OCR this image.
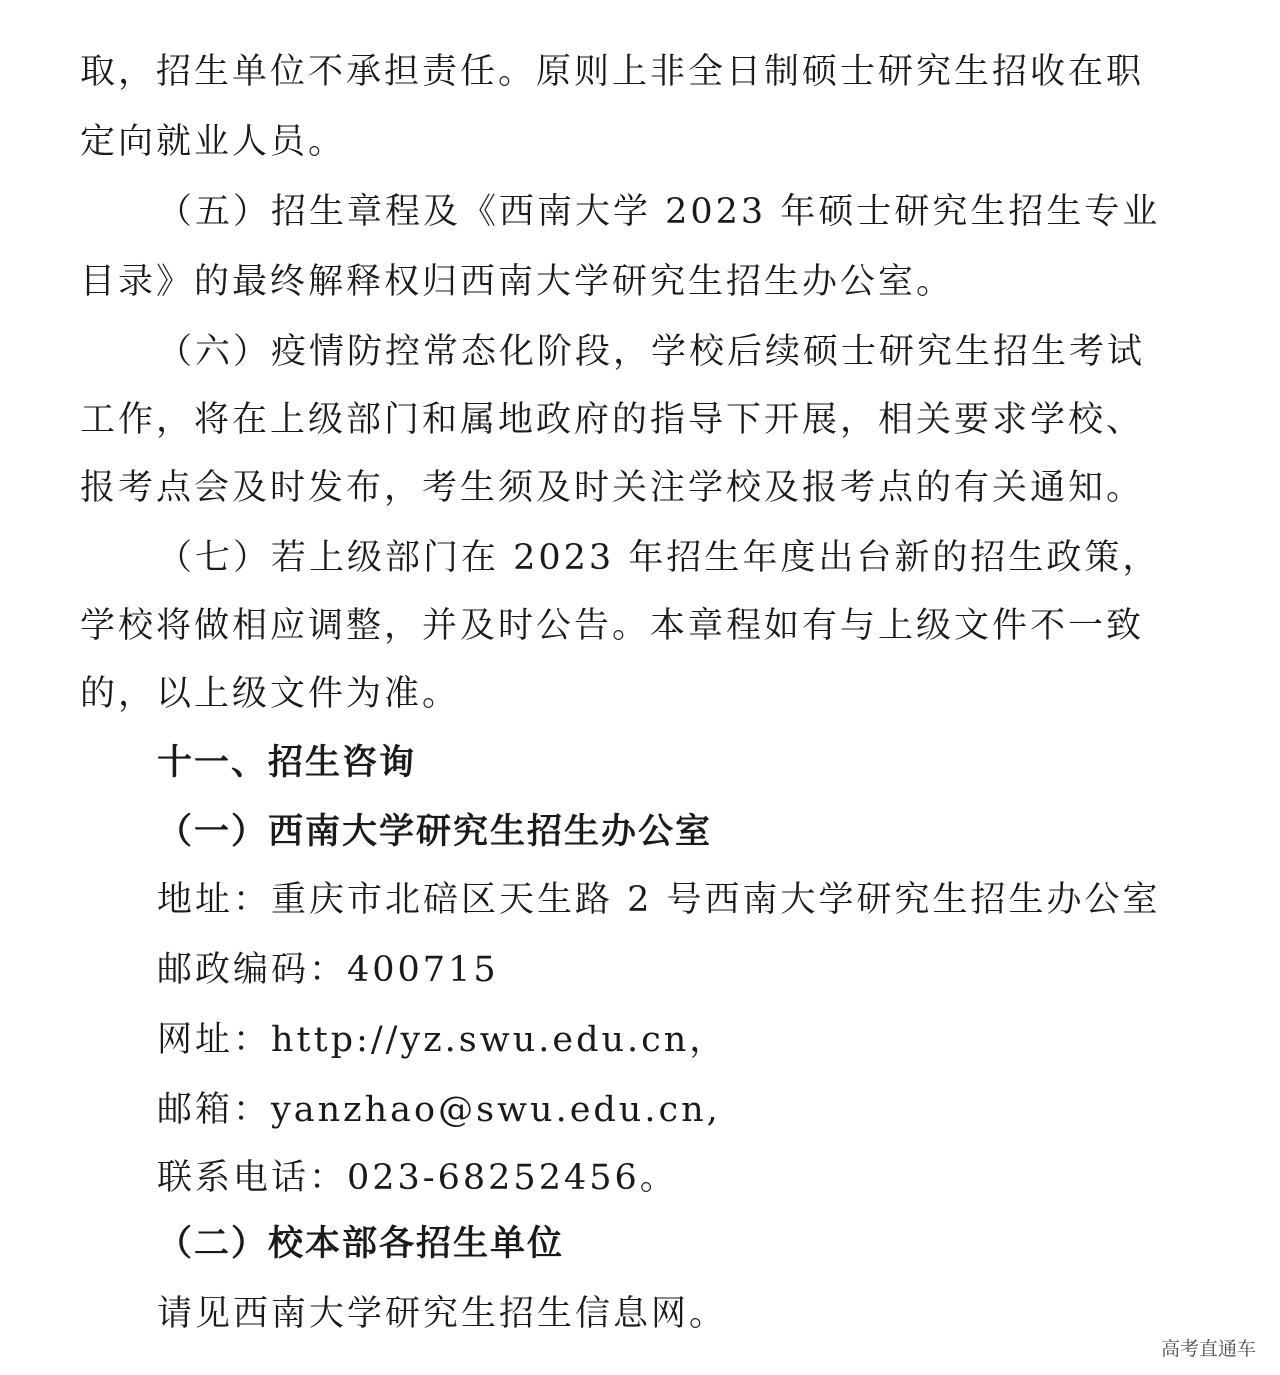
取，招生单位不承担责任。原则上非全日制硕士研究生招收在职
定向就业人员。
（五）招生章程及《西南大学 2023 年硕士研究生招生专业
目录》的最终解释权归西南大学研究生招生办公室。
（六）疫情防控常态化阶段，学校后续硕士研究生招生考试
工作，将在上级部门和属地政府的指导下开展，相关要求学校、
报考点会及时发布，考生须及时关注学校及报考点的有关通知。
（七）若上级部门在 2023 年招生年度出台新的招生政策，
学校将做相应调整，并及时公告。本章程如有与上级文件不一致
的，以上级文件为准。
十一、招生咨询
（一）西南大学研究生招生办公室
地址：重庆市北碚区天生路 2 号西南大学研究生招生办公室
邮政编码：400715
网址：http://yz.swu.edu.cn，
邮箱：yanzhao@swu.edu.cn,
联系电话：023-68252456。
（二）校本部各招生单位
请见西南大学研究生招生信息网。
高考直通车
